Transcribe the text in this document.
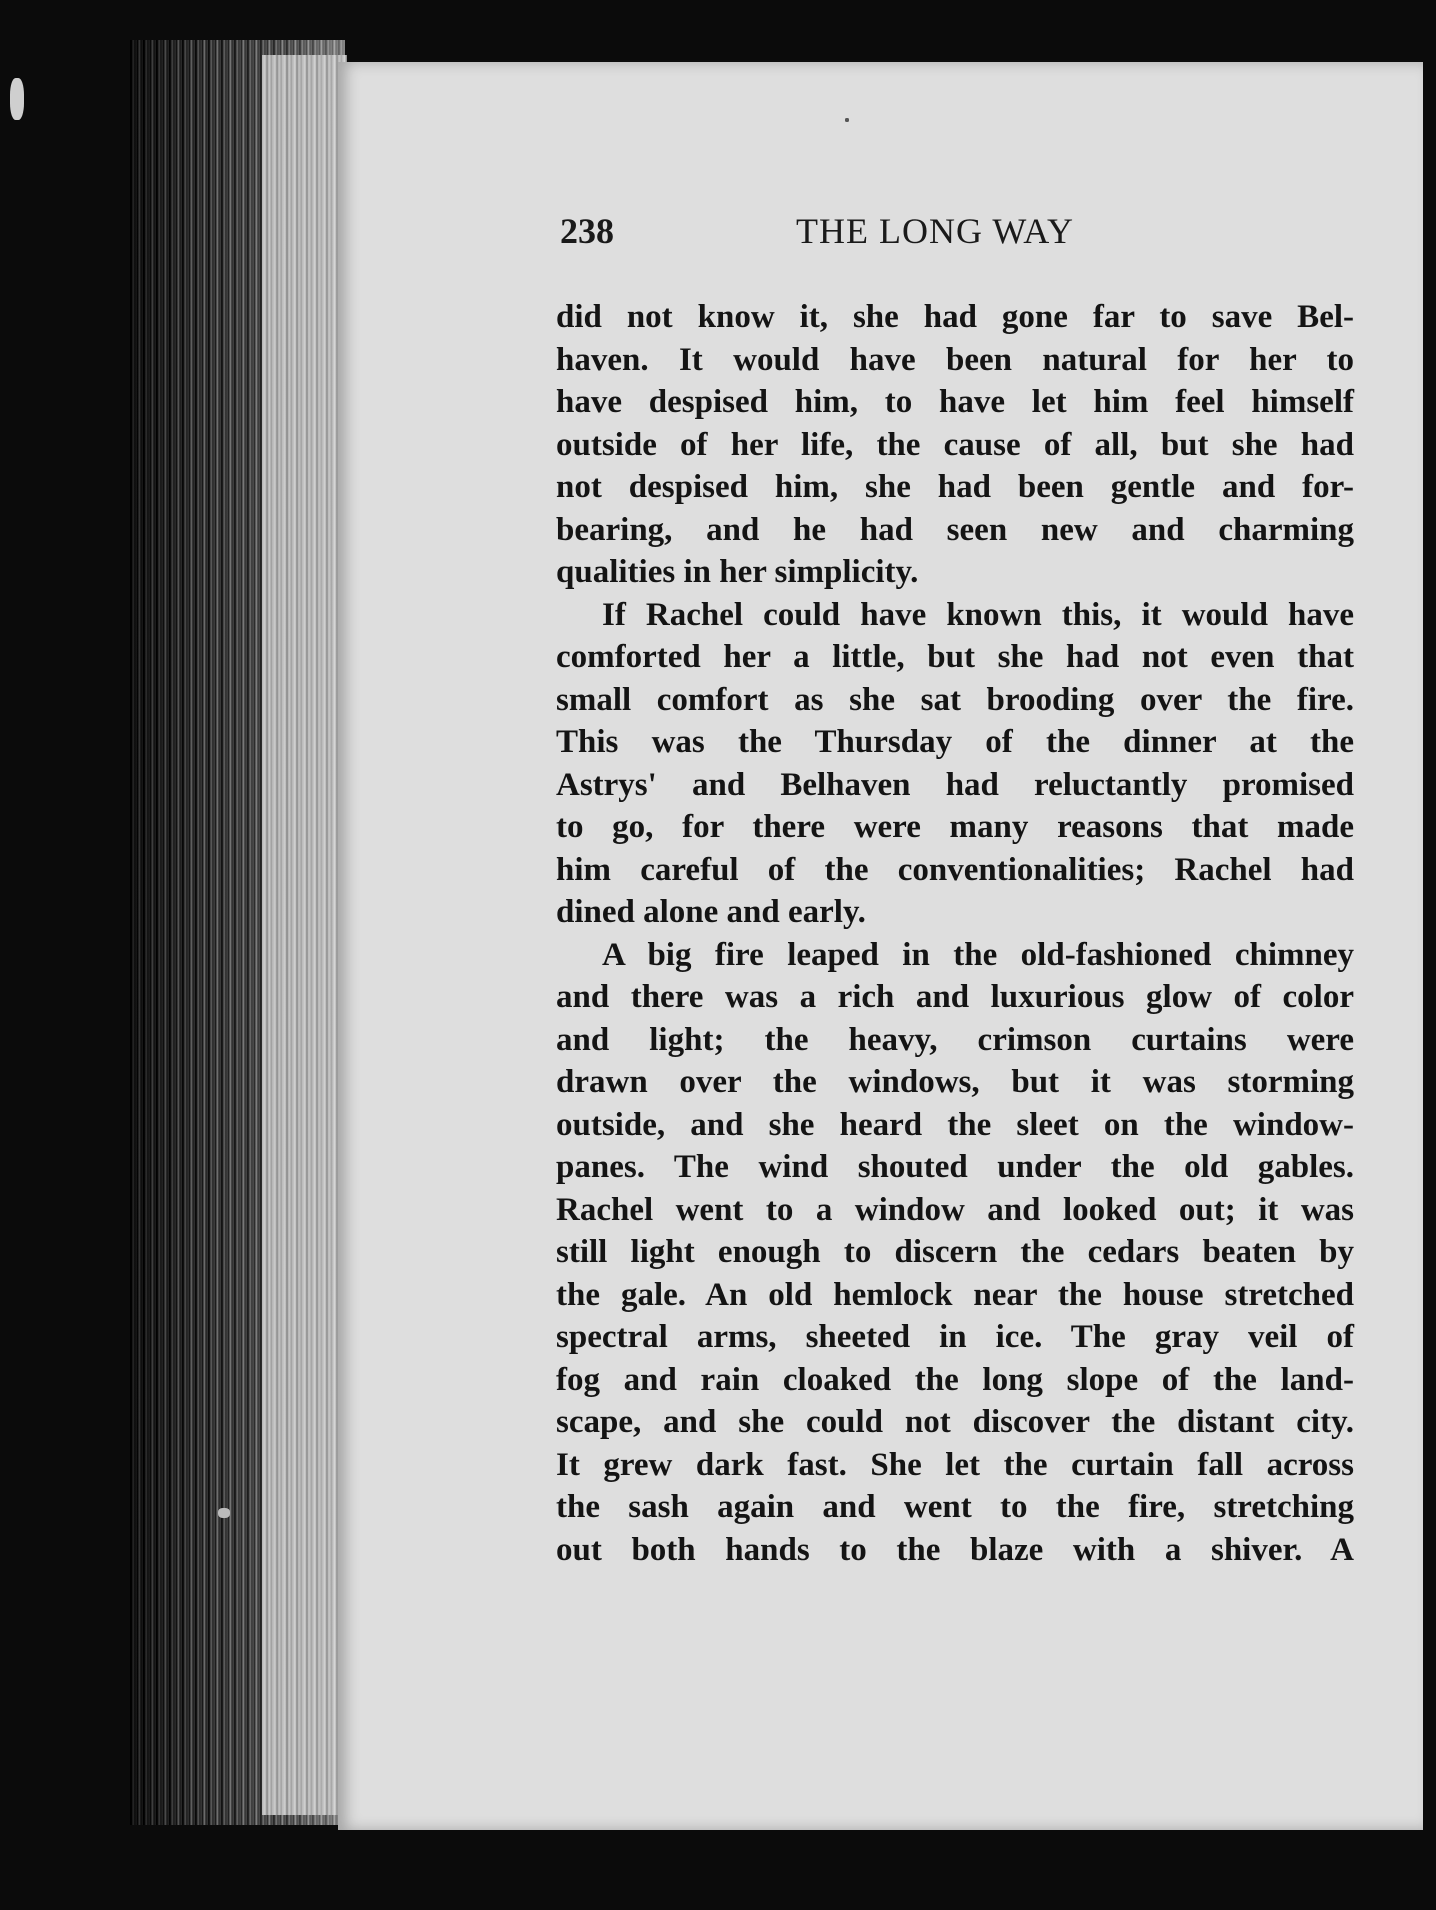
238	THE LONG WAY
did not know it, she had gone far to save Bel-
haven. It would have been natural for her to
have despised him, to have let him feel himself
outside of her life, the cause of all, but she had
not despised him, she had been gentle and for-
bearing, and he had seen new and charming
qualities in her simplicity.
If Rachel could have known this, it would have
comforted her a little, but she had not even that
small comfort as she sat brooding over the fire.
This was the Thursday of the dinner at the
Astrys' and Belhaven had reluctantly promised
to go, for there were many reasons that made
him careful of the conventionalities; Rachel had
dined alone and early.
A big fire leaped in the old-fashioned chimney
and there was a rich and luxurious glow of color
and light; the heavy, crimson curtains were
drawn over the windows, but it was storming
outside, and she heard the sleet on the window-
panes. The wind shouted under the old gables.
Rachel went to a window and looked out; it was
still light enough to discern the cedars beaten by
the gale. An old hemlock near the house stretched
spectral arms, sheeted in ice. The gray veil of
fog and rain cloaked the long slope of the land-
scape, and she could not discover the distant city.
It grew dark fast. She let the curtain fall across
the sash again and went to the fire, stretching
out both hands to the blaze with a shiver. A
